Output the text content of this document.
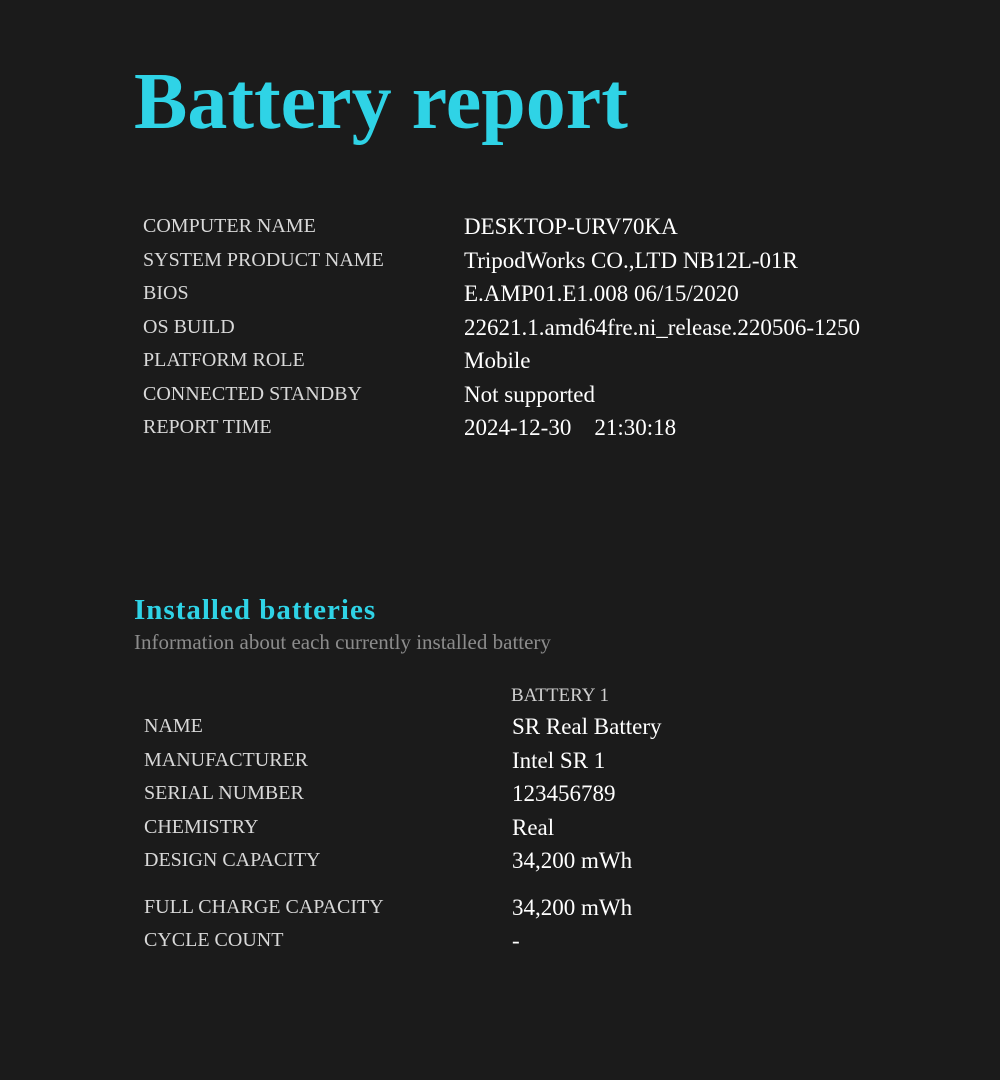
Battery report
COMPUTER NAME	DESKTOP-URV70KA
SYSTEM PRODUCT NAME	TripodWorks CO.,LTD NB12L-01R
BIOS	E.AMP01.E1.008 06/15/2020
OS BUILD	22621.1.amd64fre.ni_release.220506-1250
PLATFORM ROLE	Mobile
CONNECTED STANDBY	Not supported
REPORT TIME	2024-12-30    21:30:18
Installed batteries
Information about each currently installed battery
BATTERY 1
NAME	SR Real Battery
MANUFACTURER	Intel SR 1
SERIAL NUMBER	123456789
CHEMISTRY	Real
DESIGN CAPACITY	34,200 mWh
FULL CHARGE CAPACITY	34,200 mWh
CYCLE COUNT	-
